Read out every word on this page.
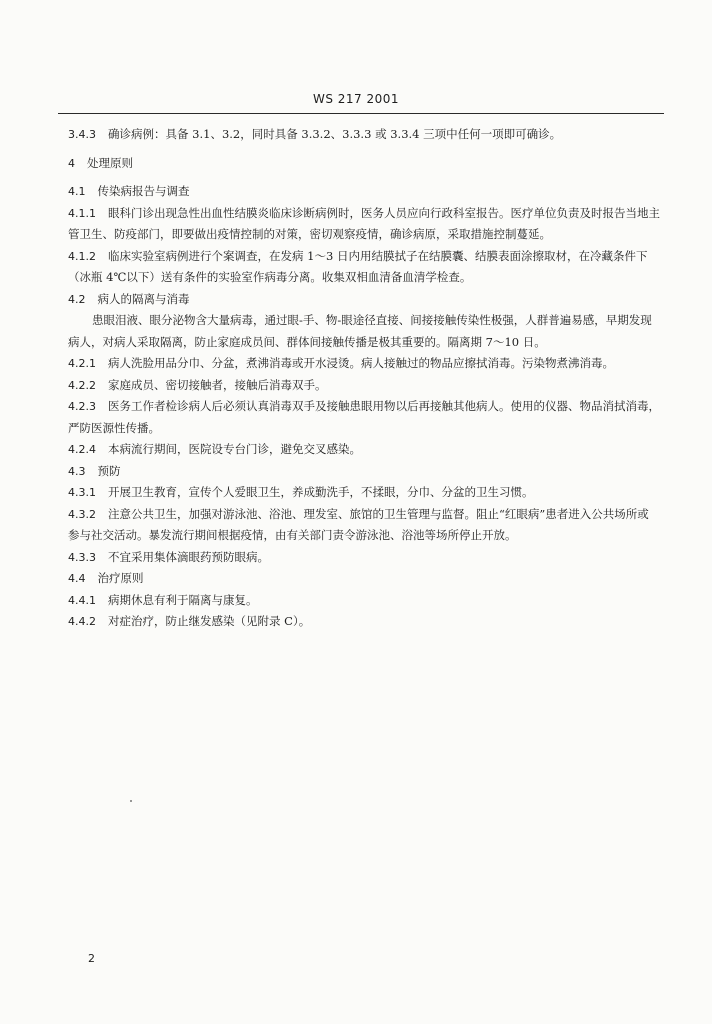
WS 217 2001

3.4.3 确诊病例：具备 3.1、3.2，同时具备 3.3.2、3.3.3 或 3.3.4 三项中任何一项即可确诊。

4 处理原则

4.1 传染病报告与调查

4.1.1 眼科门诊出现急性出血性结膜炎临床诊断病例时，医务人员应向行政科室报告。医疗单位负责及时报告当地主管卫生、防疫部门，即要做出疫情控制的对策，密切观察疫情，确诊病原，采取措施控制蔓延。

4.1.2 临床实验室病例进行个案调查，在发病 1～3 日内用结膜拭子在结膜囊、结膜表面涂擦取材，在冷藏条件下（冰瓶 4℃以下）送有条件的实验室作病毒分离。收集双相血清备血清学检查。

4.2 病人的隔离与消毒

患眼泪液、眼分泌物含大量病毒，通过眼-手、物-眼途径直接、间接接触传染性极强，人群普遍易感，早期发现病人，对病人采取隔离，防止家庭成员间、群体间接触传播是极其重要的。隔离期 7～10 日。

4.2.1 病人洗脸用品分巾、分盆，煮沸消毒或开水浸烫。病人接触过的物品应擦拭消毒。污染物煮沸消毒。

4.2.2 家庭成员、密切接触者，接触后消毒双手。

4.2.3 医务工作者检诊病人后必须认真消毒双手及接触患眼用物以后再接触其他病人。使用的仪器、物品消拭消毒，严防医源性传播。

4.2.4 本病流行期间，医院设专台门诊，避免交叉感染。

4.3 预防

4.3.1 开展卫生教育，宣传个人爱眼卫生，养成勤洗手，不揉眼，分巾、分盆的卫生习惯。

4.3.2 注意公共卫生，加强对游泳池、浴池、理发室、旅馆的卫生管理与监督。阻止“红眼病”患者进入公共场所或参与社交活动。暴发流行期间根据疫情，由有关部门责令游泳池、浴池等场所停止开放。

4.3.3 不宜采用集体滴眼药预防眼病。

4.4 治疗原则

4.4.1 病期休息有利于隔离与康复。

4.4.2 对症治疗，防止继发感染（见附录 C）。

2
